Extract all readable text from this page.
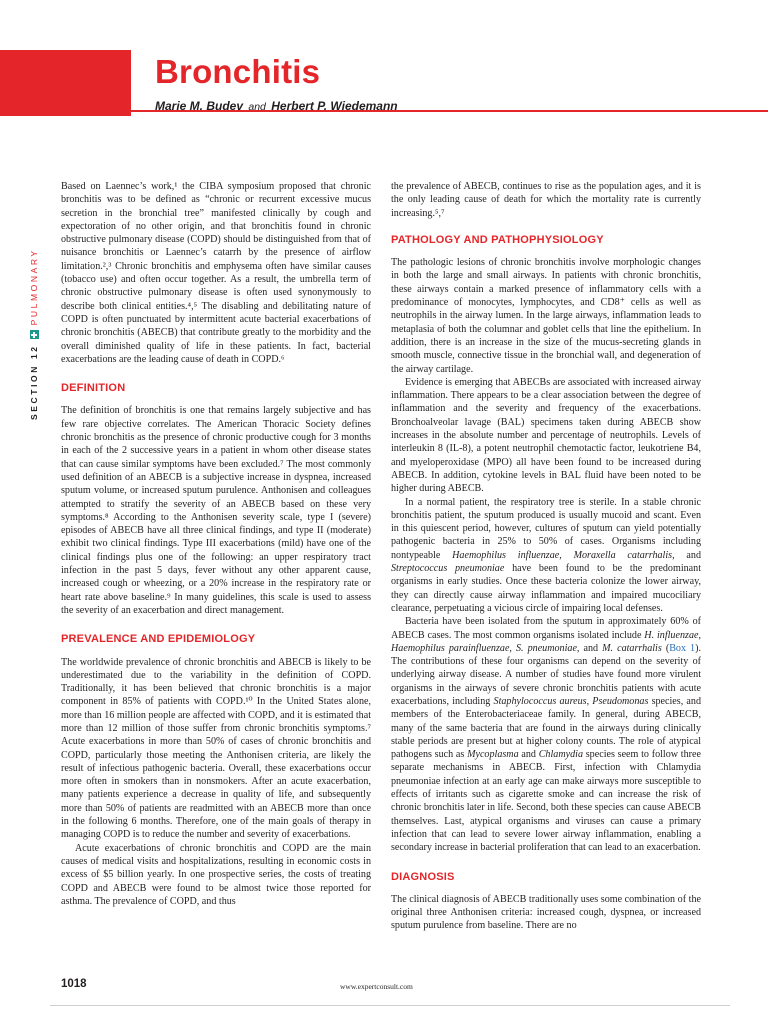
Bronchitis
Marie M. Budev and Herbert P. Wiedemann
SECTION 12
PULMONARY

Based on Laennec’s work,¹ the CIBA symposium proposed that chronic bronchitis was to be defined as “chronic or recurrent excessive mucus secretion in the bronchial tree” manifested clinically by cough and expectoration of no other origin, and that bronchitis found in chronic obstructive pulmonary disease (COPD) should be distinguished from that of nuisance bronchitis or Laennec’s catarrh by the presence of airflow limitation.²,³ Chronic bronchitis and emphysema often have similar causes (tobacco use) and often occur together. As a result, the umbrella term of chronic obstructive pulmonary disease is often used synonymously to describe both clinical entities.⁴,⁵ The disabling and debilitating nature of COPD is often punctuated by intermittent acute bacterial exacerbations of chronic bronchitis (ABECB) that contribute greatly to the morbidity and the overall diminished quality of life in these patients. In fact, bacterial exacerbations are the leading cause of death in COPD.⁶

DEFINITION

The definition of bronchitis is one that remains largely subjective and has few rare objective correlates. The American Thoracic Society defines chronic bronchitis as the presence of chronic productive cough for 3 months in each of the 2 successive years in a patient in whom other disease states that can cause similar symptoms have been excluded.⁷ The most commonly used definition of an ABECB is a subjective increase in dyspnea, increased sputum volume, or increased sputum purulence. Anthonisen and colleagues attempted to stratify the severity of an ABECB based on these very symptoms.⁸ According to the Anthonisen severity scale, type I (severe) episodes of ABECB have all three clinical findings, and type II (moderate) exhibit two clinical findings. Type III exacerbations (mild) have one of the clinical findings plus one of the following: an upper respiratory tract infection in the past 5 days, fever without any other apparent cause, increased cough or wheezing, or a 20% increase in the respiratory rate or heart rate above baseline.⁹ In many guidelines, this scale is used to assess the severity of an exacerbation and direct management.

PREVALENCE AND EPIDEMIOLOGY

The worldwide prevalence of chronic bronchitis and ABECB is likely to be underestimated due to the variability in the definition of COPD. Traditionally, it has been believed that chronic bronchitis is a major component in 85% of patients with COPD.¹⁰ In the United States alone, more than 16 million people are affected with COPD, and it is estimated that more than 12 million of those suffer from chronic bronchitis symptoms.⁷ Acute exacerbations in more than 50% of cases of chronic bronchitis and COPD, particularly those meeting the Anthonisen criteria, are likely the result of infectious pathogenic bacteria. Overall, these exacerbations occur more often in smokers than in nonsmokers. After an acute exacerbation, many patients experience a decrease in quality of life, and subsequently more than 50% of patients are readmitted with an ABECB more than once in the following 6 months. Therefore, one of the main goals of therapy in managing COPD is to reduce the number and severity of exacerbations.

Acute exacerbations of chronic bronchitis and COPD are the main causes of medical visits and hospitalizations, resulting in economic costs in excess of $5 billion yearly. In one prospective series, the costs of treating COPD and ABECB were found to be almost twice those reported for asthma. The prevalence of COPD, and thus

the prevalence of ABECB, continues to rise as the population ages, and it is the only leading cause of death for which the mortality rate is currently increasing.⁵,⁷

PATHOLOGY AND PATHOPHYSIOLOGY

The pathologic lesions of chronic bronchitis involve morphologic changes in both the large and small airways. In patients with chronic bronchitis, these airways contain a marked presence of inflammatory cells with a predominance of monocytes, lymphocytes, and CD8⁺ cells as well as neutrophils in the airway lumen. In the large airways, inflammation leads to metaplasia of both the columnar and goblet cells that line the epithelium. In addition, there is an increase in the size of the mucus-secreting glands in smooth muscle, connective tissue in the bronchial wall, and degeneration of the airway cartilage.

Evidence is emerging that ABECBs are associated with increased airway inflammation. There appears to be a clear association between the degree of inflammation and the severity and frequency of the exacerbations. Bronchoalveolar lavage (BAL) specimens taken during ABECB show increases in the absolute number and percentage of neutrophils. Levels of interleukin 8 (IL-8), a potent neutrophil chemotactic factor, leukotriene B4, and myeloperoxidase (MPO) all have been found to be increased during ABECB. In addition, cytokine levels in BAL fluid have been noted to be higher during ABECB.

In a normal patient, the respiratory tree is sterile. In a stable chronic bronchitis patient, the sputum produced is usually mucoid and scant. Even in this quiescent period, however, cultures of sputum can yield potentially pathogenic bacteria in 25% to 50% of cases. Organisms including nontypeable Haemophilus influenzae, Moraxella catarrhalis, and Streptococcus pneumoniae have been found to be the predominant organisms in early studies. Once these bacteria colonize the lower airway, they can directly cause airway inflammation and impaired mucociliary clearance, perpetuating a vicious circle of impairing local defenses.

Bacteria have been isolated from the sputum in approximately 60% of ABECB cases. The most common organisms isolated include H. influenzae, Haemophilus parainfluenzae, S. pneumoniae, and M. catarrhalis (Box 1). The contributions of these four organisms can depend on the severity of underlying airway disease. A number of studies have found more virulent organisms in the airways of severe chronic bronchitis patients with acute exacerbations, including Staphylococcus aureus, Pseudomonas species, and members of the Enterobacteriaceae family. In general, during ABECB, many of the same bacteria that are found in the airways during clinically stable periods are present but at higher colony counts. The role of atypical pathogens such as Mycoplasma and Chlamydia species seem to follow three separate mechanisms in ABECB. First, infection with Chlamydia pneumoniae infection at an early age can make airways more susceptible to effects of irritants such as cigarette smoke and can increase the risk of chronic bronchitis later in life. Second, both these species can cause ABECB themselves. Last, atypical organisms and viruses can cause a primary infection that can lead to severe lower airway inflammation, enabling a secondary increase in bacterial proliferation that can lead to an exacerbation.

DIAGNOSIS

The clinical diagnosis of ABECB traditionally uses some combination of the original three Anthonisen criteria: increased cough, dyspnea, or increased sputum purulence from baseline. There are no

1018	www.expertconsult.com
